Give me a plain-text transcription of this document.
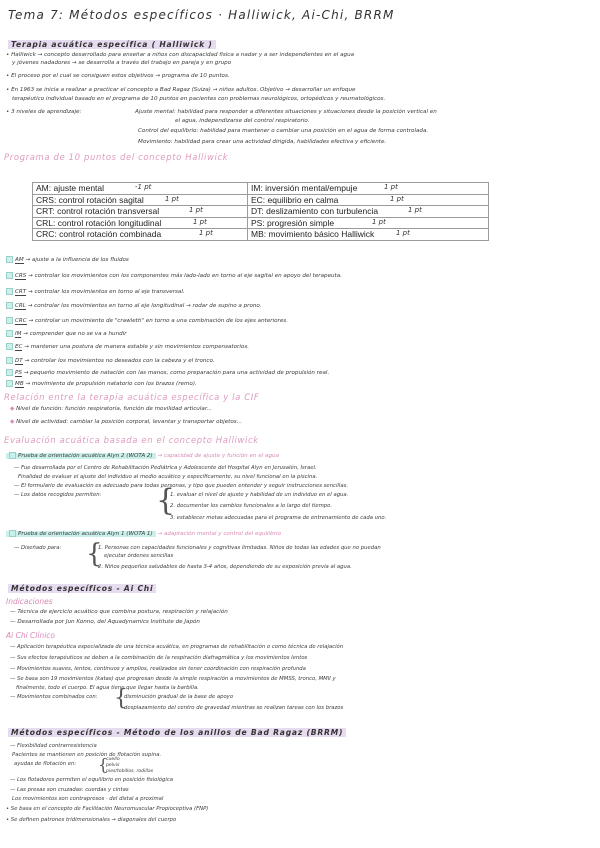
Tema 7: Métodos específicos · Halliwick, Ai-Chi, BRRM
Terapia acuática específica ( Halliwick )
• Halliwick → concepto desarrollado para enseñar a niños con discapacidad física a nadar y a ser independientes en el agua
y jóvenes nadadores → se desarrolla a través del trabajo en pareja y en grupo
• El proceso por el cual se consiguen estos objetivos → programa de 10 puntos.
• En 1963 se inicia a realizar a practicar el concepto a Bad Ragaz (Suiza) → niños adultos. Objetivo → desarrollar un enfoque
terapéutico individual basado en el programa de 10 puntos en pacientes con problemas neurológicos, ortopédicos y reumatológicos.
• 3 niveles de aprendizaje:	Ajuste mental: habilidad para responder a diferentes situaciones y situaciones desde la posición vertical en
el agua, independizarse del control respiratorio.
Control del equilibrio: habilidad para mantener o cambiar una posición en el agua de forma controlada.
Movimiento: habilidad para crear una actividad dirigida, habilidades efectiva y eficiente.
Programa de 10 puntos del concepto Halliwick
AM: ajuste mental -1 pt	IM: inversión mental/empuje 1 pt

CRS: control rotación sagital 1 pt	EC: equilibrio en calma 1 pt

CRT: control rotación transversal 1 pt	DT: deslizamiento con turbulencia 1 pt

CRL: control rotación longitudinal 1 pt	PS: progresión simple 1 pt

CRC: control rotación combinada 1 pt	MB: movimiento básico Halliwick 1 pt
AM → ajuste a la influencia de los fluidos
CRS → controlar los movimientos con los componentes más lado-lado en torno al eje sagital en apoyo del terapeuta.
CRT → controlar los movimientos en torno al eje transversal.
CRL → controlar los movimientos en torno al eje longitudinal → rodar de supino a prono.
CRC → controlar un movimiento de "crawleth" en torno a una combinación de los ejes anteriores.
IM → comprender que no se va a hundir
EC → mantener una postura de manera estable y sin movimientos compensatorios.
DT → controlar los movimientos no deseados con la cabeza y el tronco.
PS → pequeño movimiento de natación con las manos, como preparación para una actividad de propulsión real.
MB → movimiento de propulsión natatorio con los brazos (remo).
Relación entre la terapia acuática específica y la CIF
◆ Nivel de función: función respiratoria, función de movilidad articular...
◆ Nivel de actividad: cambiar la posición corporal, levantar y transportar objetos...
Evaluación acuática basada en el concepto Halliwick
Prueba de orientación acuática Alyn 2 (WOTA 2) → capacidad de ajuste y función en el agua
— Fue desarrollada por el Centro de Rehabilitación Pediátrica y Adolescente del Hospital Alyn en Jerusalén, Israel.
Finalidad de evaluar el ajuste del individuo al medio acuático y específicamente, su nivel funcional en la piscina.
— El formulario de evaluación es adecuado para todas personas, y tipo que pueden entender y seguir instrucciones sencillas.
— Los datos recogidos permiten: {
1. evaluar el nivel de ajuste y habilidad de un individuo en el agua.
2. documentar los cambios funcionales a lo largo del tiempo.
3. establecer metas adecuadas para el programa de entrenamiento de cada uno.
Prueba de orientación acuática Alyn 1 (WOTA 1) → adaptación mental y control del equilibrio
— Diseñado para: {
1. Personas con capacidades funcionales y cognitivas limitadas. Niños de todas las edades que no puedan
ejecutar órdenes sencillas
2. Niños pequeños saludables de hasta 3-4 años, dependiendo de su exposición previa al agua.
Métodos específicos - Ai Chi
Indicaciones
— Técnica de ejercicio acuático que combina postura, respiración y relajación
— Desarrollada por Jun Konno, del Aquadynamics Institute de Japón
Ai Chi Clínico
— Aplicación terapéutica especializada de una técnica acuática, en programas de rehabilitación o como técnica de relajación
— Sus efectos terapéuticos se deben a la combinación de la respiración diafragmática y los movimientos lentos
— Movimientos suaves, lentos, continuos y amplios, realizados sin tener coordinación con respiración profunda
— Se basa son 19 movimientos (katas) que progresan desde la simple respiración a movimientos de MMSS, tronco, MMII y
finalmente, todo el cuerpo. El agua tiene que llegar hasta la barbilla.
— Movimientos combinados con: {
disminución gradual de la base de apoyo
desplazamiento del centro de gravedad mientras se realizan tareas con los brazos
Métodos específicos - Método de los anillos de Bad Ragaz (BRRM)
— Flexibilidad contrarresistencia
Pacientes se mantienen en posición de flotación supina.
ayudas de flotación en: {
cuello
pelvis
pies/tobillos, rodillas
— Los flotadores permiten el equilibrio en posición fisiológica
— Las presas son cruzadas: cuerdas y cintas
Los movimientos son contrapresos · del distal a proximal
• Se basa en el concepto de Facilitación Neuromuscular Propioceptiva (FNP)
• Se definen patrones tridimensionales → diagonales del cuerpo
